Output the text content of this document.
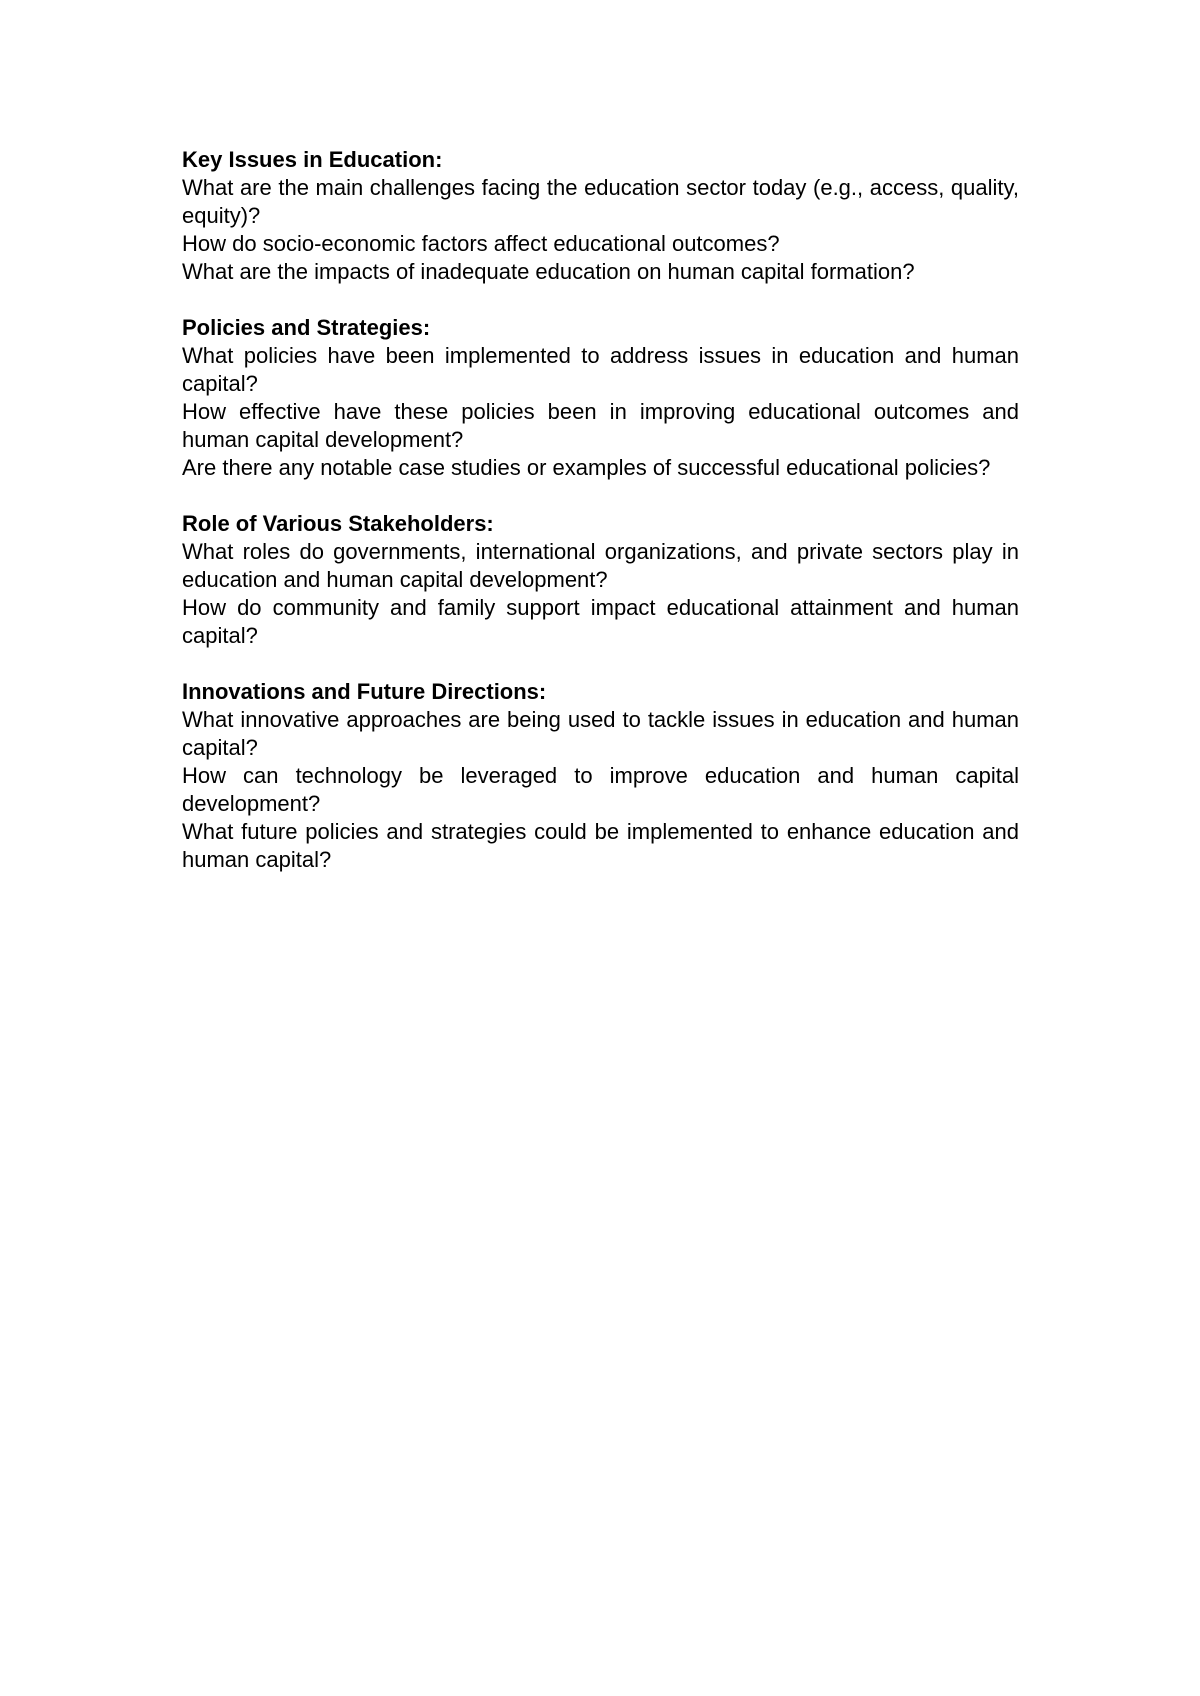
Key Issues in Education:

What are the main challenges facing the education sector today (e.g., access, quality, equity)?

How do socio-economic factors affect educational outcomes?

What are the impacts of inadequate education on human capital formation?

Policies and Strategies:

What policies have been implemented to address issues in education and human capital?

How effective have these policies been in improving educational outcomes and human capital development?

Are there any notable case studies or examples of successful educational policies?

Role of Various Stakeholders:

What roles do governments, international organizations, and private sectors play in education and human capital development?

How do community and family support impact educational attainment and human capital?

Innovations and Future Directions:

What innovative approaches are being used to tackle issues in education and human capital?

How can technology be leveraged to improve education and human capital development?

What future policies and strategies could be implemented to enhance education and human capital?
